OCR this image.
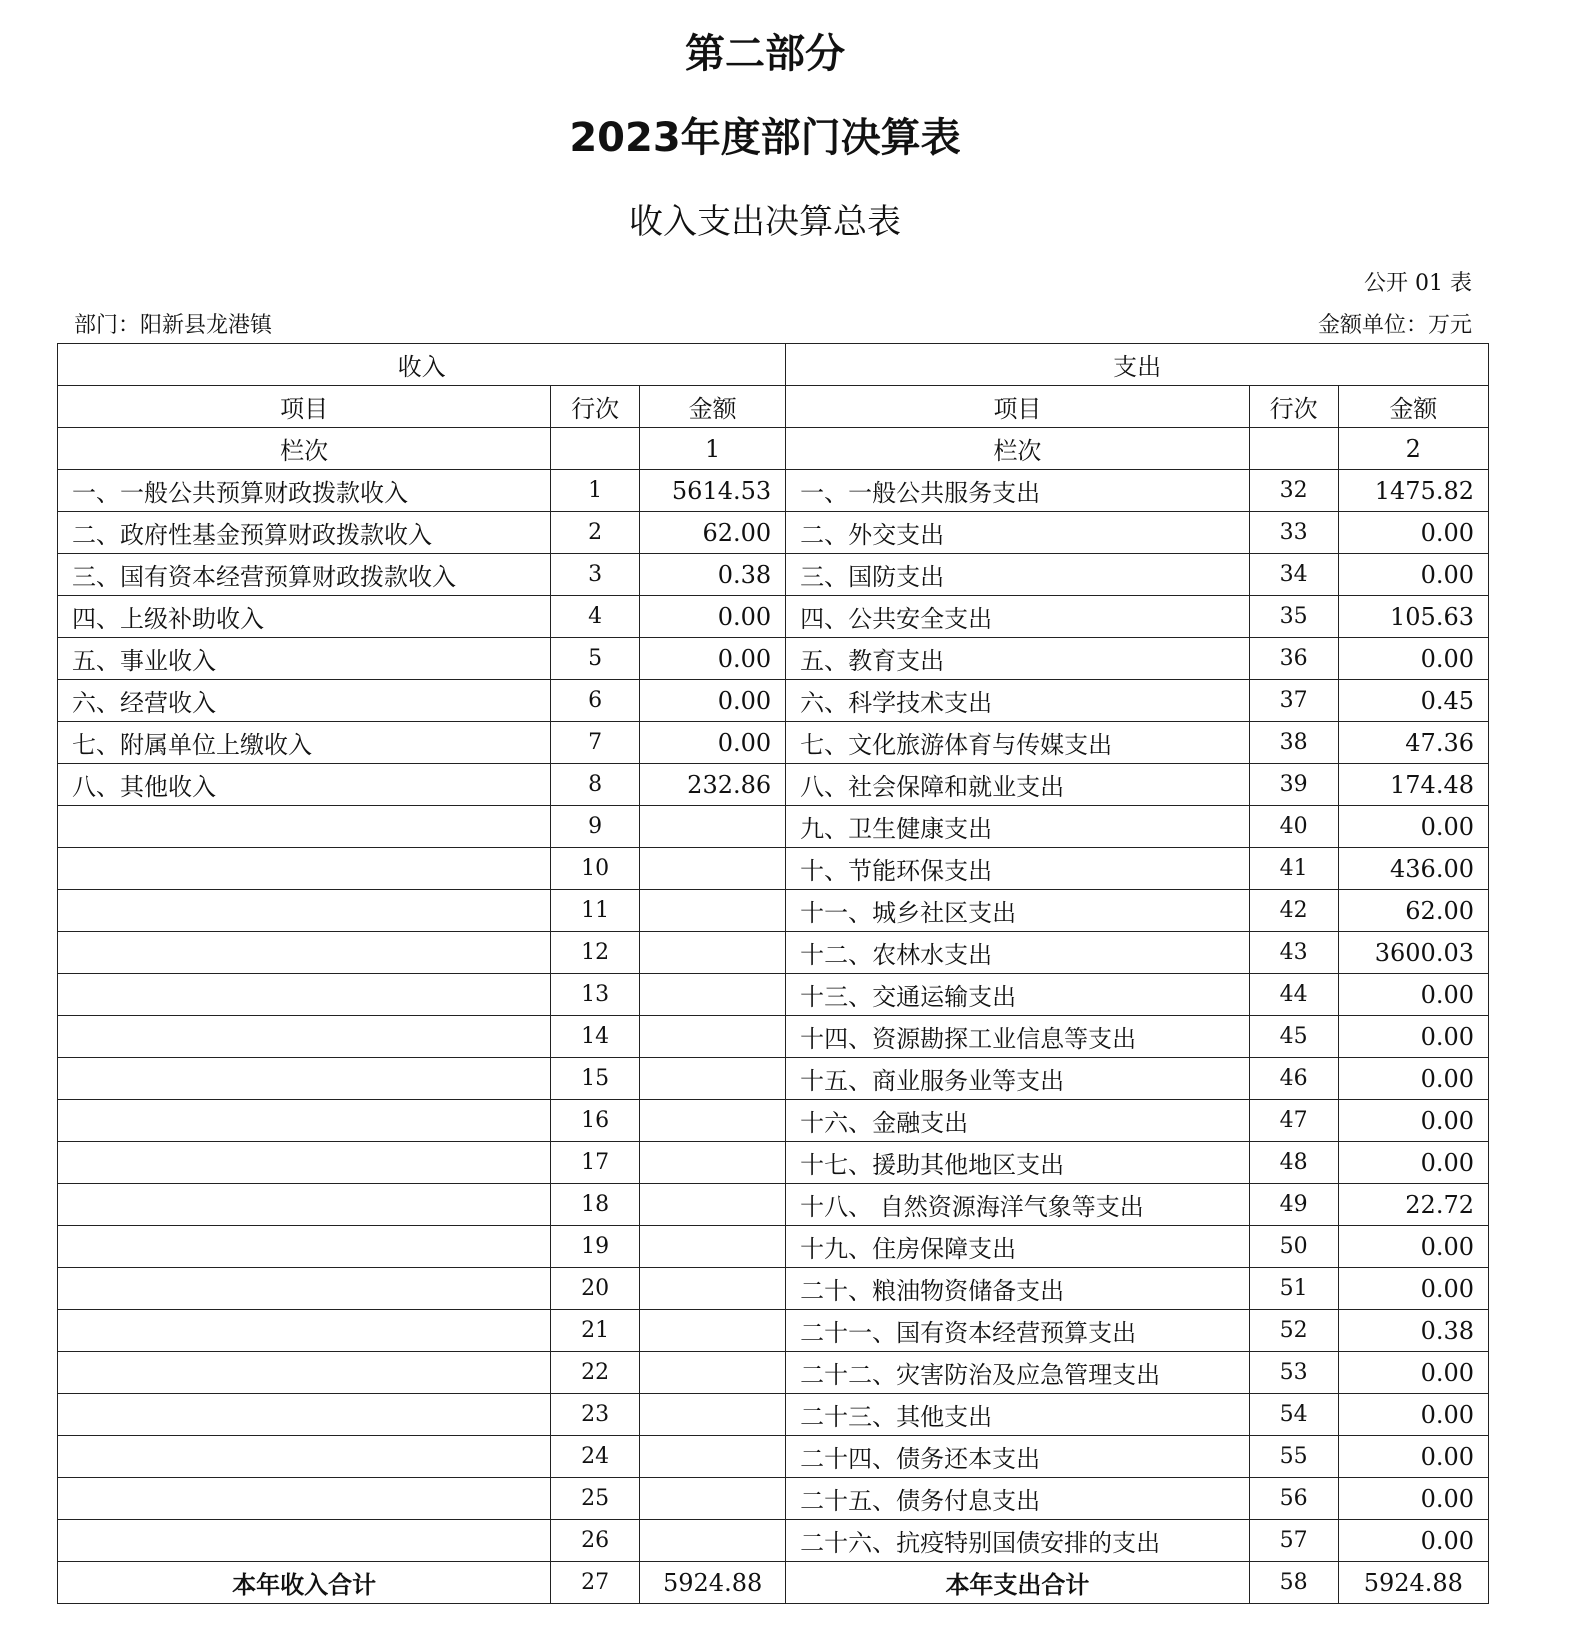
第二部分
2023年度部门决算表
收入支出决算总表
公开 01 表
部门：阳新县龙港镇	金额单位：万元
收入			支出		
项目	行次	金额	项目	行次	金额
栏次		1	栏次		2
一、一般公共预算财政拨款收入	1	5614.53	一、一般公共服务支出	32	1475.82
二、政府性基金预算财政拨款收入	2	62.00	二、外交支出	33	0.00
三、国有资本经营预算财政拨款收入	3	0.38	三、国防支出	34	0.00
四、上级补助收入	4	0.00	四、公共安全支出	35	105.63
五、事业收入	5	0.00	五、教育支出	36	0.00
六、经营收入	6	0.00	六、科学技术支出	37	0.45
七、附属单位上缴收入	7	0.00	七、文化旅游体育与传媒支出	38	47.36
八、其他收入	8	232.86	八、社会保障和就业支出	39	174.48
	9		九、卫生健康支出	40	0.00
	10		十、节能环保支出	41	436.00
	11		十一、城乡社区支出	42	62.00
	12		十二、农林水支出	43	3600.03
	13		十三、交通运输支出	44	0.00
	14		十四、资源勘探工业信息等支出	45	0.00
	15		十五、商业服务业等支出	46	0.00
	16		十六、金融支出	47	0.00
	17		十七、援助其他地区支出	48	0.00
	18		十八、 自然资源海洋气象等支出	49	22.72
	19		十九、住房保障支出	50	0.00
	20		二十、粮油物资储备支出	51	0.00
	21		二十一、国有资本经营预算支出	52	0.38
	22		二十二、灾害防治及应急管理支出	53	0.00
	23		二十三、其他支出	54	0.00
	24		二十四、债务还本支出	55	0.00
	25		二十五、债务付息支出	56	0.00
	26		二十六、抗疫特别国债安排的支出	57	0.00
本年收入合计	27	5924.88	本年支出合计	58	5924.88
